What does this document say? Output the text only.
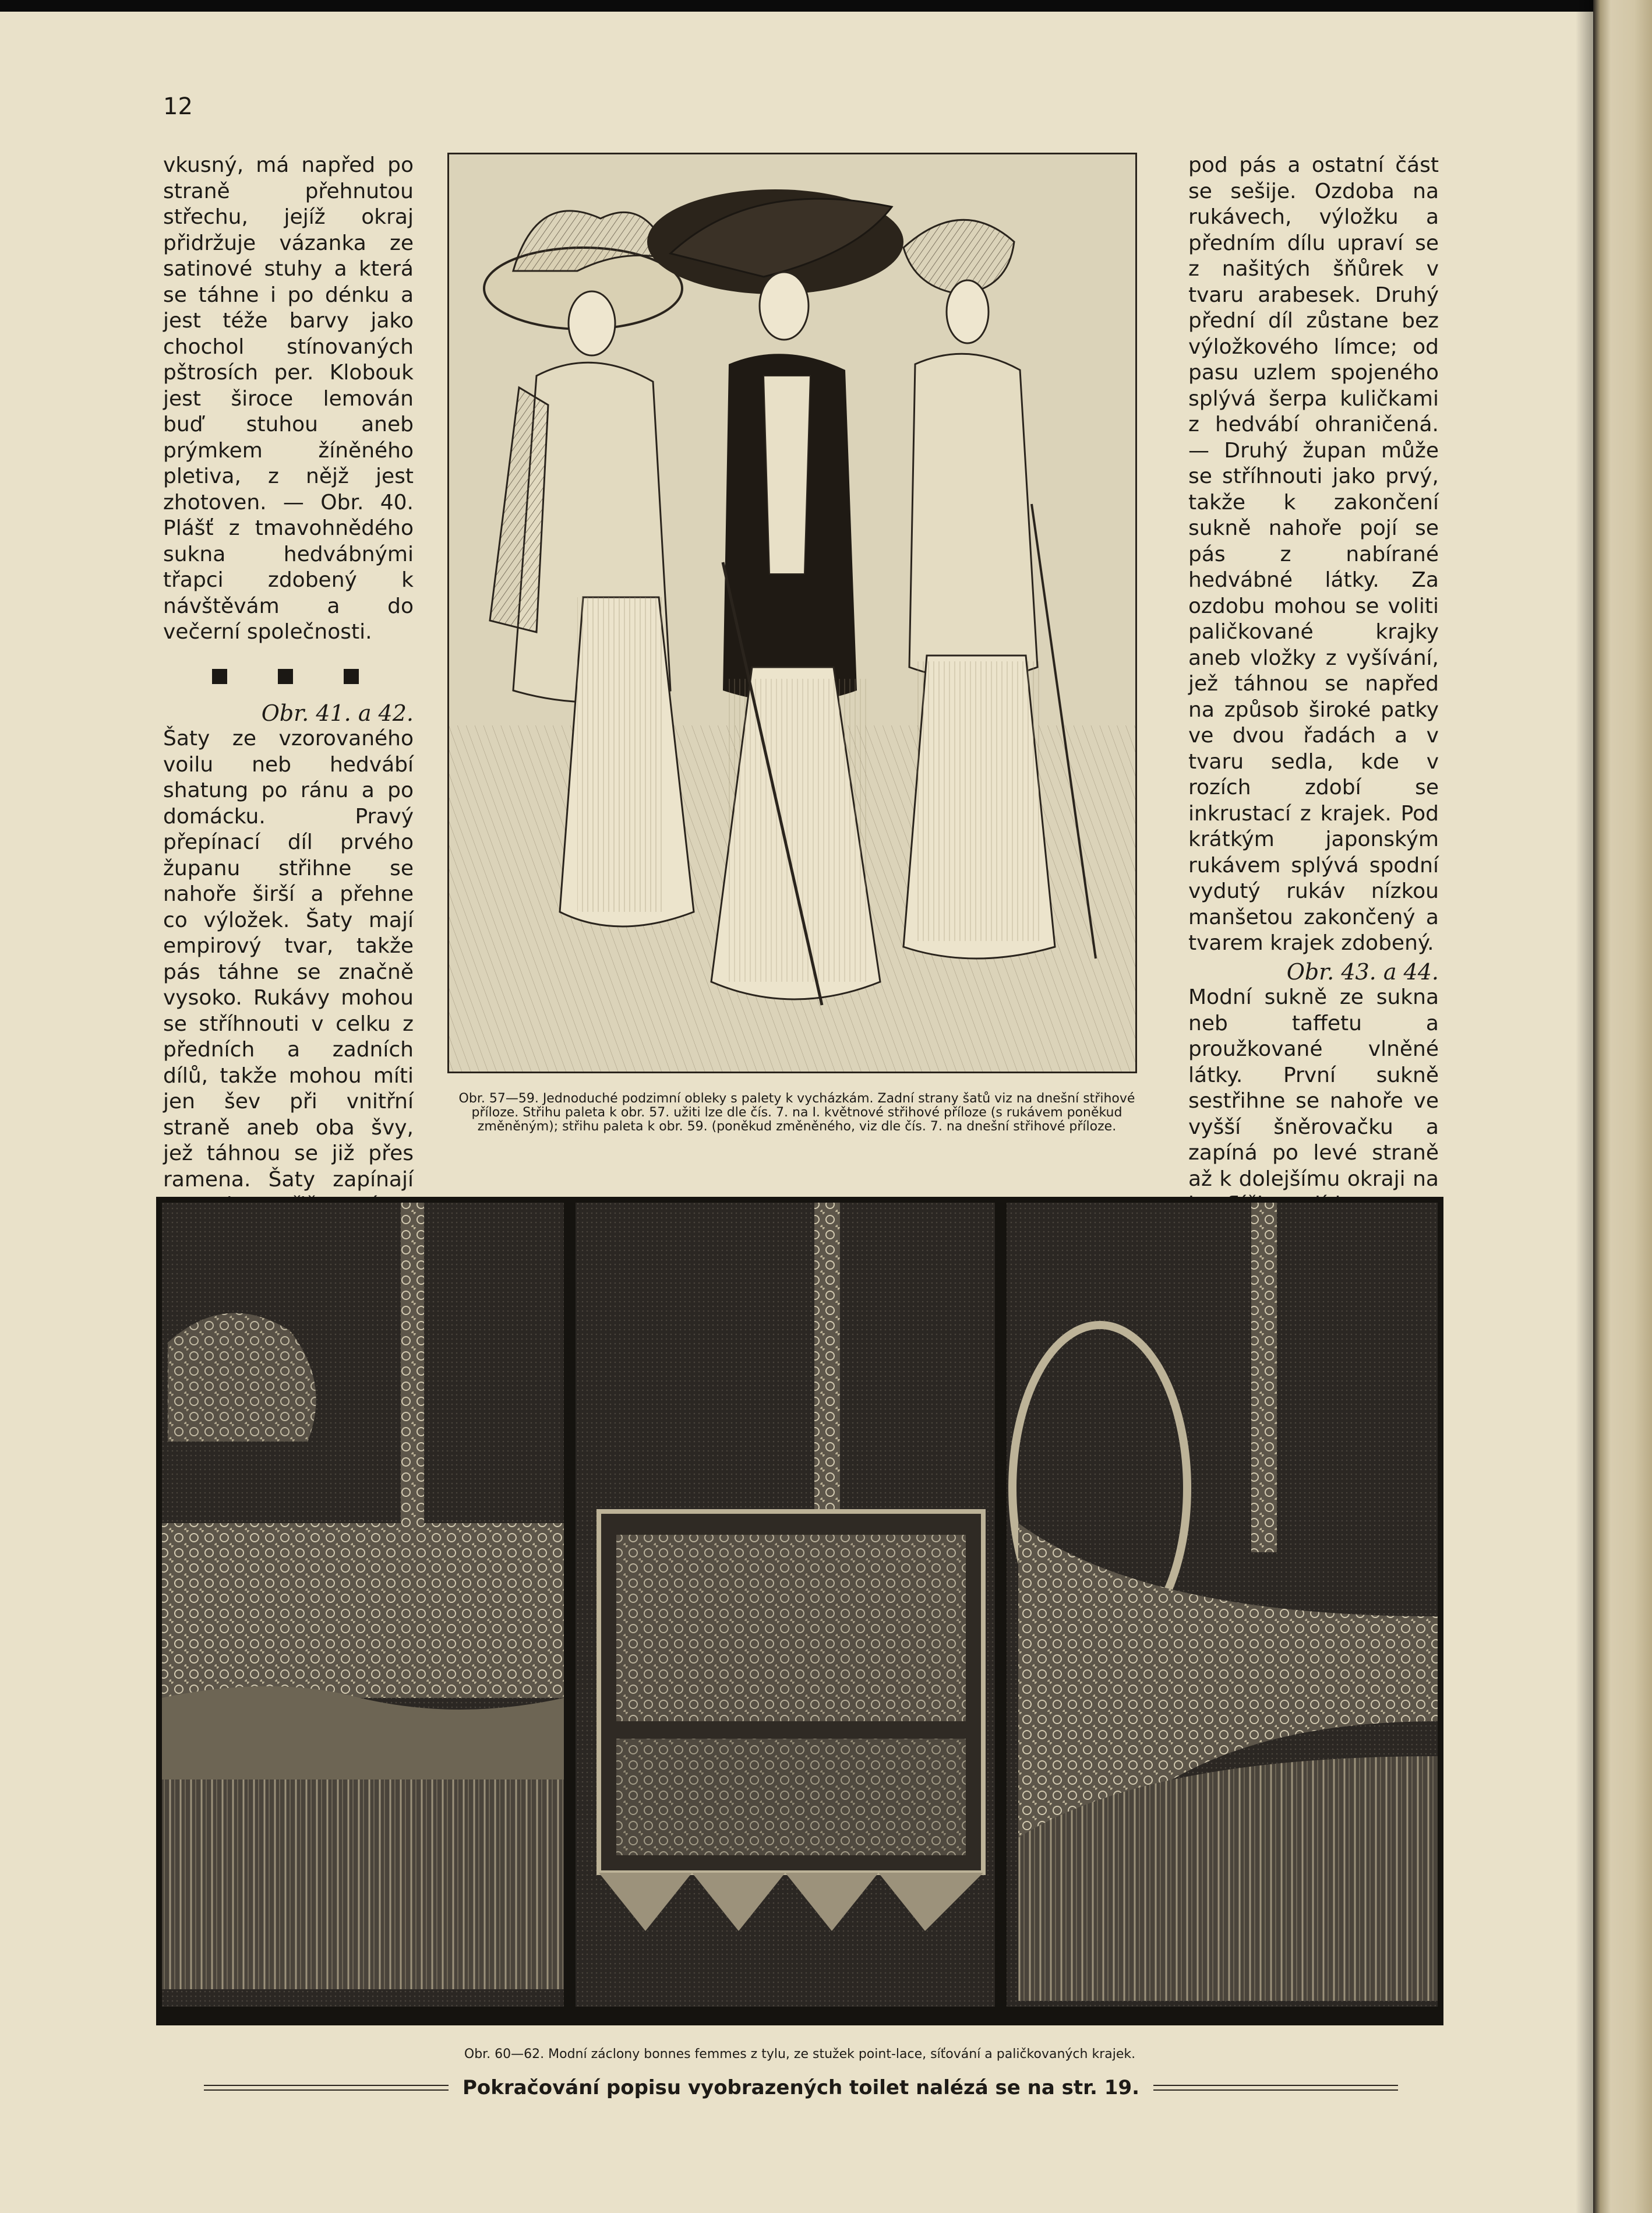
12

vkusný, má napřed po straně přehnutou střechu, jejíž okraj přidržuje vázanka ze satinové stuhy a která se táhne i po dénku a jest téže barvy jako chochol stínovaných pštrosích per. Klobouk jest široce lemován buď stuhou aneb prýmkem žíněného pletiva, z nějž jest zhotoven. — Obr. 40. Plášť z tmavohnědého sukna hedvábnými třapci zdobený k návštěvám a do večerní společnosti.

Obr. 41. a 42.

Šaty ze vzorovaného voilu neb hedvábí shatung po ránu a po domácku. Pravý přepínací díl prvého županu střihne se nahoře širší a přehne co výložek. Šaty mají empirový tvar, takže pás táhne se značně vysoko. Rukávy mohou se stříhnouti v celku z předních a zadních dílů, takže mohou míti jen šev při vnitřní straně aneb oba švy, jež táhnou se již přes ramena. Šaty zapínají

Obr. 57—59. Jednoduché podzimní obleky s palety k vycházkám. Zadní strany šatů viz na dnešní střihové příloze. Střihu paleta k obr. 57. užiti lze dle čís. 7. na I. květnové střihové příloze (s rukávem poněkud změněným); střihu paleta k obr. 59. (poněkud změněného, viz dle čís. 7. na dnešní střihové příloze.

pod pás a ostatní část se sešije. Ozdoba na rukávech, výložku a předním dílu upraví se z našitých šňůrek v tvaru arabesek. Druhý přední díl zůstane bez výložkového límce; od pasu uzlem spojeného splývá šerpa kuličkami z hedvábí ohraničená. — Druhý župan může se stříhnouti jako prvý, takže k zakončení sukně nahoře pojí se pás z nabírané hedvábné látky. Za ozdobu mohou se voliti paličkované krajky aneb vložky z vyšívání, jež táhnou se napřed na způsob široké patky ve dvou řadách a v tvaru sedla, kde v rozích zdobí se inkrustací z krajek. Pod krátkým japonským rukávem splývá spodní vydutý rukáv nízkou manšetou zakončený a tvarem krajek zdobený.

Obr. 43. a 44.

Modní sukně ze sukna neb taffetu a proužkované vlněné látky. První sukně sestřihne se nahoře ve vyšší šněrovačku a zapíná po levé straně až k dolejšímu okraji na

Obr. 60—62. Modní záclony bonnes femmes z tylu, ze stužek point-lace, síťování a paličkovaných krajek.
Pokračování popisu vyobrazených toilet nalézá se na str. 19.
